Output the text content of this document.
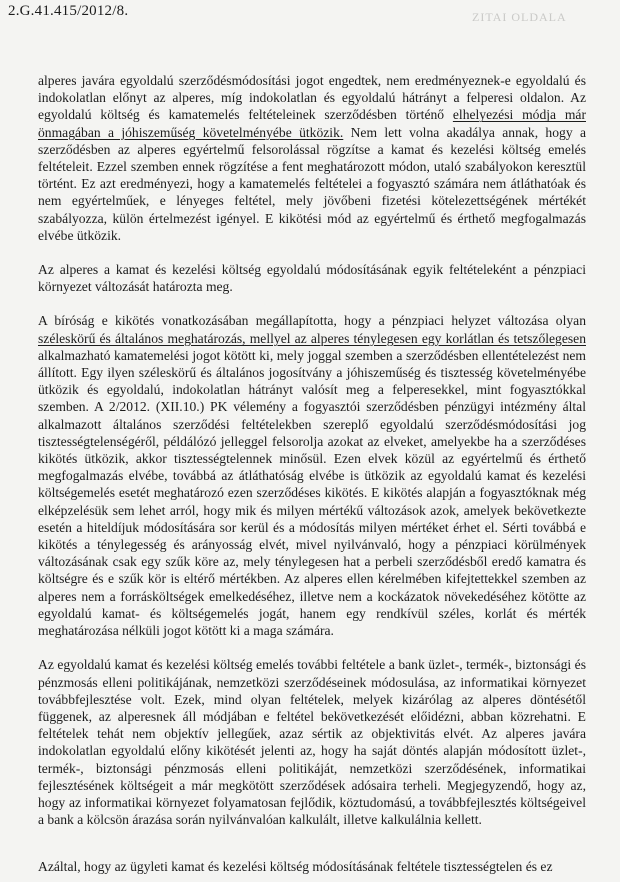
2.G.41.415/2012/8.	ZITAI OLDALA

alperes javára egyoldalú szerződésmódosítási jogot engedtek, nem eredményeznek-e egyoldalú és indokolatlan előnyt az alperes, míg indokolatlan és egyoldalú hátrányt a felperesi oldalon. Az egyoldalú költség és kamatemelés feltételeinek szerződésben történő elhelyezési módja már önmagában a jóhiszeműség követelményébe ütközik. Nem lett volna akadálya annak, hogy a szerződésben az alperes egyértelmű felsorolással rögzítse a kamat és kezelési költség emelés feltételeit. Ezzel szemben ennek rögzítése a fent meghatározott módon, utaló szabályokon keresztül történt. Ez azt eredményezi, hogy a kamatemelés feltételei a fogyasztó számára nem átláthatóak és nem egyértelműek, e lényeges feltétel, mely jövőbeni fizetési kötelezettségének mértékét szabályozza, külön értelmezést igényel. E kikötési mód az egyértelmű és érthető megfogalmazás elvébe ütközik.

Az alperes a kamat és kezelési költség egyoldalú módosításának egyik feltételeként a pénzpiaci környezet változását határozta meg.

A bíróság e kikötés vonatkozásában megállapította, hogy a pénzpiaci helyzet változása olyan széleskörű és általános meghatározás, mellyel az alperes ténylegesen egy korlátlan és tetszőlegesen alkalmazható kamatemelési jogot kötött ki, mely joggal szemben a szerződésben ellentételezést nem állított. Egy ilyen széleskörű és általános jogosítvány a jóhiszeműség és tisztesség követelményébe ütközik és egyoldalú, indokolatlan hátrányt valósít meg a felperesekkel, mint fogyasztókkal szemben. A 2/2012. (XII.10.) PK vélemény a fogyasztói szerződésben pénzügyi intézmény által alkalmazott általános szerződési feltételekben szereplő egyoldalú szerződésmódosítási jog tisztességtelenségéről, példálózó jelleggel felsorolja azokat az elveket, amelyekbe ha a szerződéses kikötés ütközik, akkor tisztességtelennek minősül. Ezen elvek közül az egyértelmű és érthető megfogalmazás elvébe, továbbá az átláthatóság elvébe is ütközik az egyoldalú kamat és kezelési költségemelés esetét meghatározó ezen szerződéses kikötés. E kikötés alapján a fogyasztóknak még elképzelésük sem lehet arról, hogy mik és milyen mértékű változások azok, amelyek bekövetkezte esetén a hiteldíjuk módosítására sor kerül és a módosítás milyen mértéket érhet el. Sérti továbbá e kikötés a ténylegesség és arányosság elvét, mivel nyilvánvaló, hogy a pénzpiaci körülmények változásának csak egy szűk köre az, mely ténylegesen hat a perbeli szerződésből eredő kamatra és költségre és e szűk kör is eltérő mértékben. Az alperes ellen kérelmében kifejtettekkel szemben az alperes nem a forrásköltségek emelkedéséhez, illetve nem a kockázatok növekedéséhez kötötte az egyoldalú kamat- és költségemelés jogát, hanem egy rendkívül széles, korlát és mérték meghatározása nélküli jogot kötött ki a maga számára.

Az egyoldalú kamat és kezelési költség emelés további feltétele a bank üzlet-, termék-, biztonsági és pénzmosás elleni politikájának, nemzetközi szerződéseinek módosulása, az informatikai környezet továbbfejlesztése volt. Ezek, mind olyan feltételek, melyek kizárólag az alperes döntésétől függenek, az alperesnek áll módjában e feltétel bekövetkezését előidézni, abban közrehatni. E feltételek tehát nem objektív jellegűek, azaz sértik az objektivitás elvét. Az alperes javára indokolatlan egyoldalú előny kikötését jelenti az, hogy ha saját döntés alapján módosított üzlet-, termék-, biztonsági pénzmosás elleni politikáját, nemzetközi szerződésének, informatikai fejlesztésének költségeit a már megkötött szerződések adósaira terheli. Megjegyzendő, hogy az, hogy az informatikai környezet folyamatosan fejlődik, köztudomású, a továbbfejlesztés költségeivel a bank a kölcsön árazása során nyilvánvalóan kalkulált, illetve kalkulálnia kellett.

Azáltal, hogy az ügyleti kamat és kezelési költség módosításának feltétele tisztességtelen és ez
